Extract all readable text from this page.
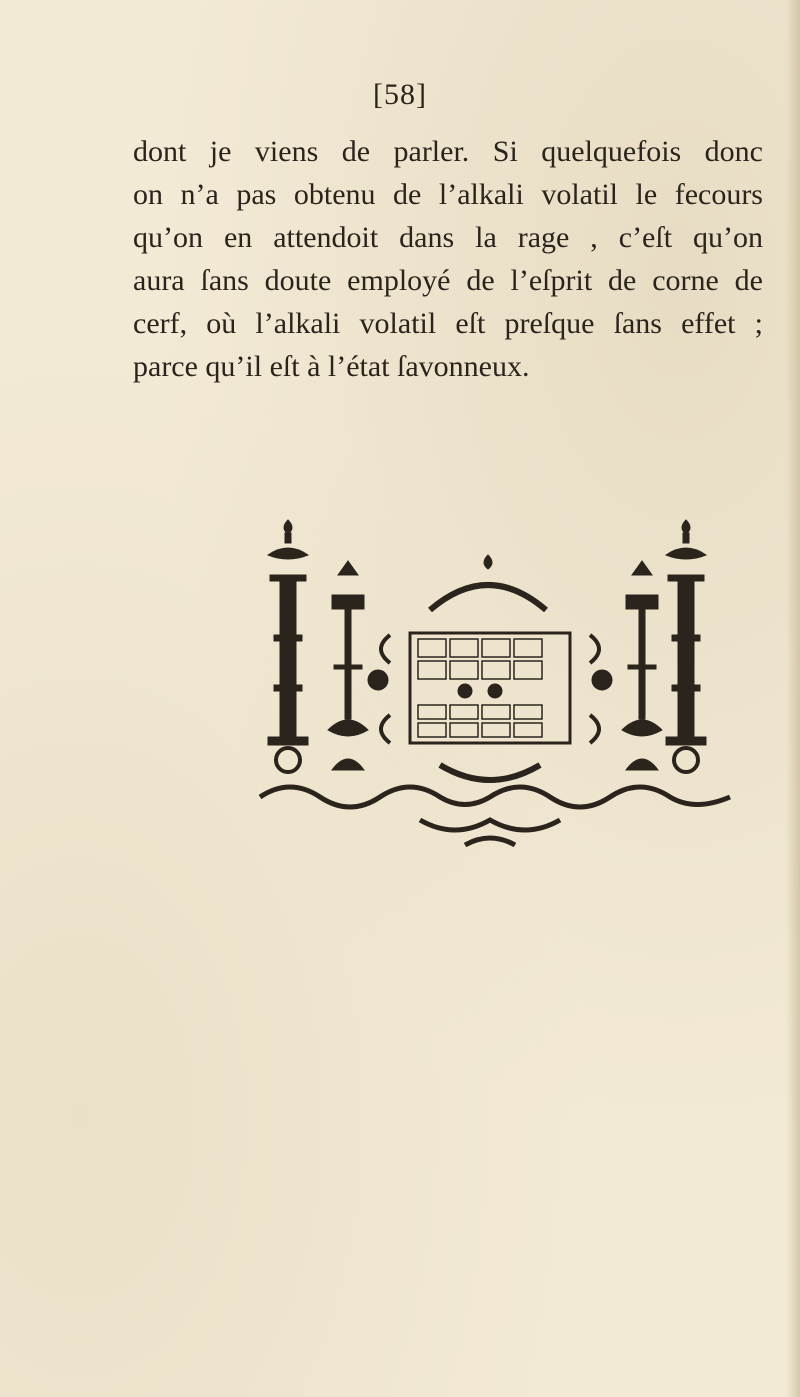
[58]
dont je viens de parler. Si quelquefois donc
on n’a pas obtenu de l’alkali volatil le fecours
qu’on en attendoit dans la rage , c’eſt qu’on
aura ſans doute employé de l’eſprit de corne de
cerf, où l’alkali volatil eſt preſque ſans effet ;
parce qu’il eſt à l’état ſavonneux.
